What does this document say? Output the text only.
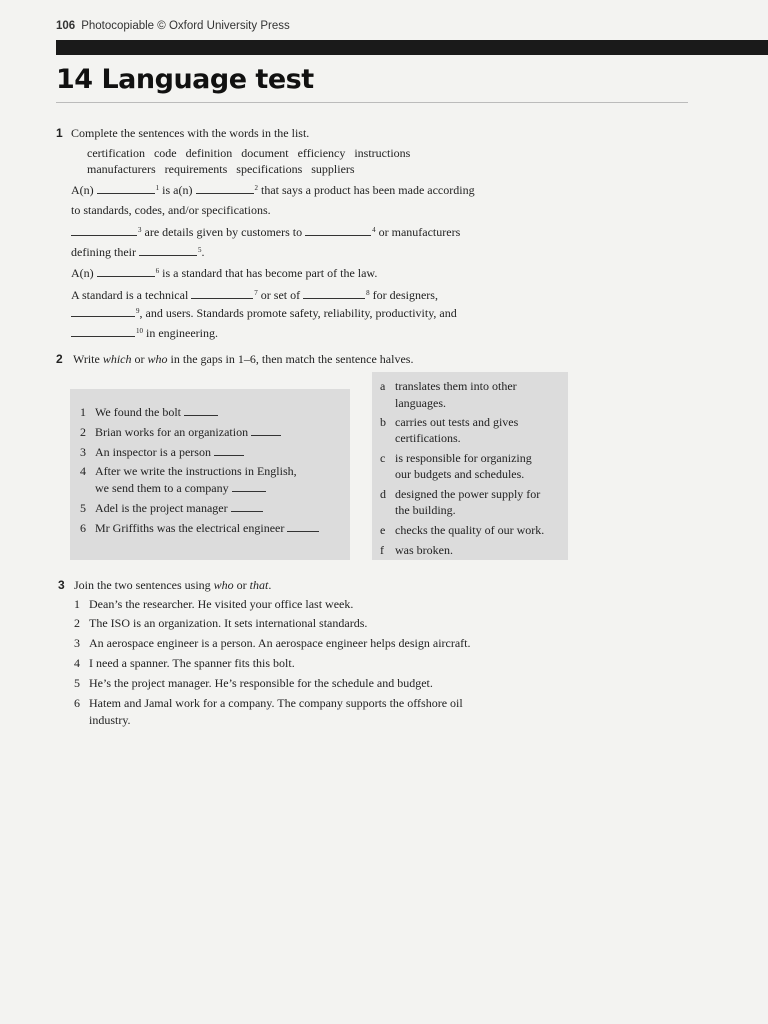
106 Photocopiable © Oxford University Press
14 Language test
1 Complete the sentences with the words in the list.
certification   code   definition   document   efficiency   instructions
manufacturers   requirements   specifications   suppliers
A(n)	$^1$ is a(n)	$^2$ that says a product has been made according
to standards, codes, and/or specifications.
$^3$ are details given by customers to	$^4$ or manufacturers
defining their	$^5$.
A(n)	$^6$ is a standard that has become part of the law.
A standard is a technical	$^7$ or set of	$^8$ for designers,
$^9$, and users. Standards promote safety, reliability, productivity, and
$^{10}$ in engineering.
2 Write which or who in the gaps in 1–6, then match the sentence halves.
1 We found the bolt
2 Brian works for an organization
3 An inspector is a person
4 After we write the instructions in English,
we send them to a company
5 Adel is the project manager
6 Mr Griffiths was the electrical engineer
a translates them into other
languages.
b carries out tests and gives
certifications.
c is responsible for organizing
our budgets and schedules.
d designed the power supply for
the building.
e checks the quality of our work.
f was broken.
3 Join the two sentences using who or that.
1 Dean’s the researcher. He visited your office last week.
2 The ISO is an organization. It sets international standards.
3 An aerospace engineer is a person. An aerospace engineer helps design aircraft.
4 I need a spanner. The spanner fits this bolt.
5 He’s the project manager. He’s responsible for the schedule and budget.
6 Hatem and Jamal work for a company. The company supports the offshore oil
industry.
